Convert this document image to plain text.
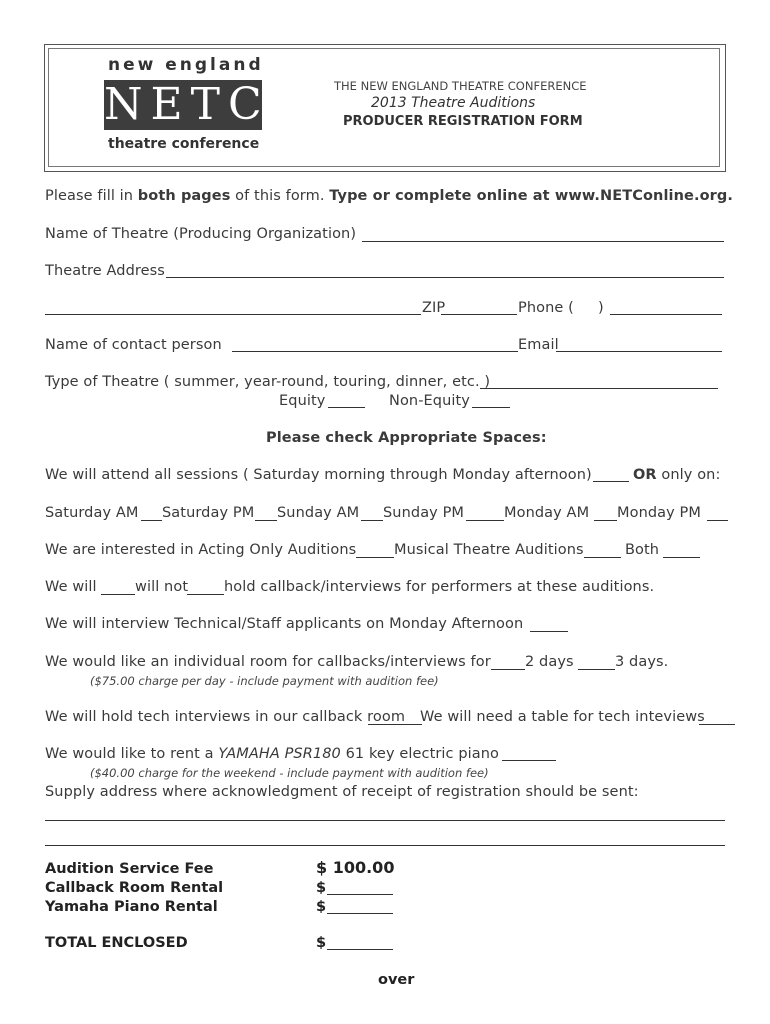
new england
NETC
theatre conference
THE NEW ENGLAND THEATRE CONFERENCE
2013 Theatre Auditions
PRODUCER REGISTRATION FORM
Please fill in both pages of this form. Type or complete online at www.NETConline.org.
Name of Theatre (Producing Organization)
Theatre Address
ZIP	Phone ( )
Name of contact person	Email
Type of Theatre ( summer, year-round, touring, dinner, etc. )
Equity	Non-Equity
Please check Appropriate Spaces:
We will attend all sessions ( Saturday morning through Monday afternoon)	OR only on:
Saturday AM Saturday PM Sunday AM Sunday PM	Monday AM Monday PM
We are interested in Acting Only Auditions	Musical Theatre Auditions	Both
We will	will not hold callback/interviews for performers at these auditions.
We will interview Technical/Staff applicants on Monday Afternoon
We would like an individual room for callbacks/interviews for 2 days	3 days.
($75.00 charge per day - include payment with audition fee)
We will hold tech interviews in our callback room We will need a table for tech inteviews
We would like to rent a YAMAHA PSR180 61 key electric piano
($40.00 charge for the weekend - include payment with audition fee)
Supply address where acknowledgment of receipt of registration should be sent:
Audition Service Fee	$ 100.00
Callback Room Rental	$
Yamaha Piano Rental	$
TOTAL ENCLOSED	$
over
